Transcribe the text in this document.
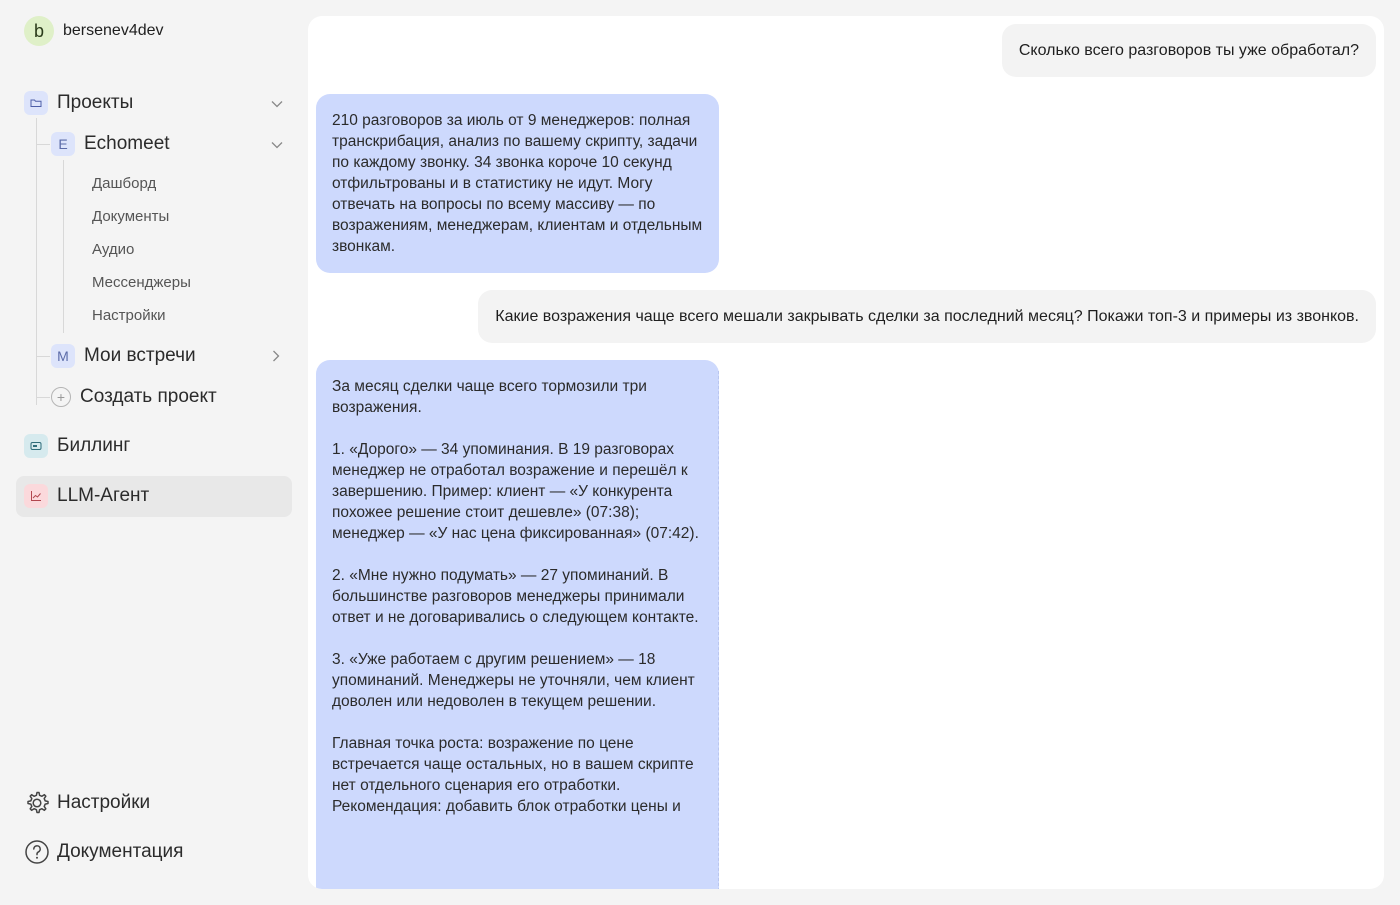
b	bersenev4dev
Проекты
E Echomeet
Дашборд
Документы
Аудио
Мессенджеры
Настройки
M Мои встречи
+ Создать проект
Биллинг
LLM-Агент
Настройки
Документация
Сколько всего разговоров ты уже обработал?
210 разговоров за июль от 9 менеджеров: полная транскрибация, анализ по вашему скрипту, задачи по каждому звонку. 34 звонка короче 10 секунд отфильтрованы и в статистику не идут. Могу отвечать на вопросы по всему массиву — по возражениям, менеджерам, клиентам и отдельным звонкам.
Какие возражения чаще всего мешали закрывать сделки за последний месяц? Покажи топ-3 и примеры из звонков.
За месяц сделки чаще всего тормозили три возражения.

1. «Дорого» — 34 упоминания. В 19 разговорах менеджер не отработал возражение и перешёл к завершению. Пример: клиент — «У конкурента похожее решение стоит дешевле» (07:38); менеджер — «У нас цена фиксированная» (07:42).

2. «Мне нужно подумать» — 27 упоминаний. В большинстве разговоров менеджеры принимали ответ и не договаривались о следующем контакте.

3. «Уже работаем с другим решением» — 18 упоминаний. Менеджеры не уточняли, чем клиент доволен или недоволен в текущем решении.

Главная точка роста: возражение по цене встречается чаще остальных, но в вашем скрипте нет отдельного сценария его отработки. Рекомендация: добавить блок отработки цены и
